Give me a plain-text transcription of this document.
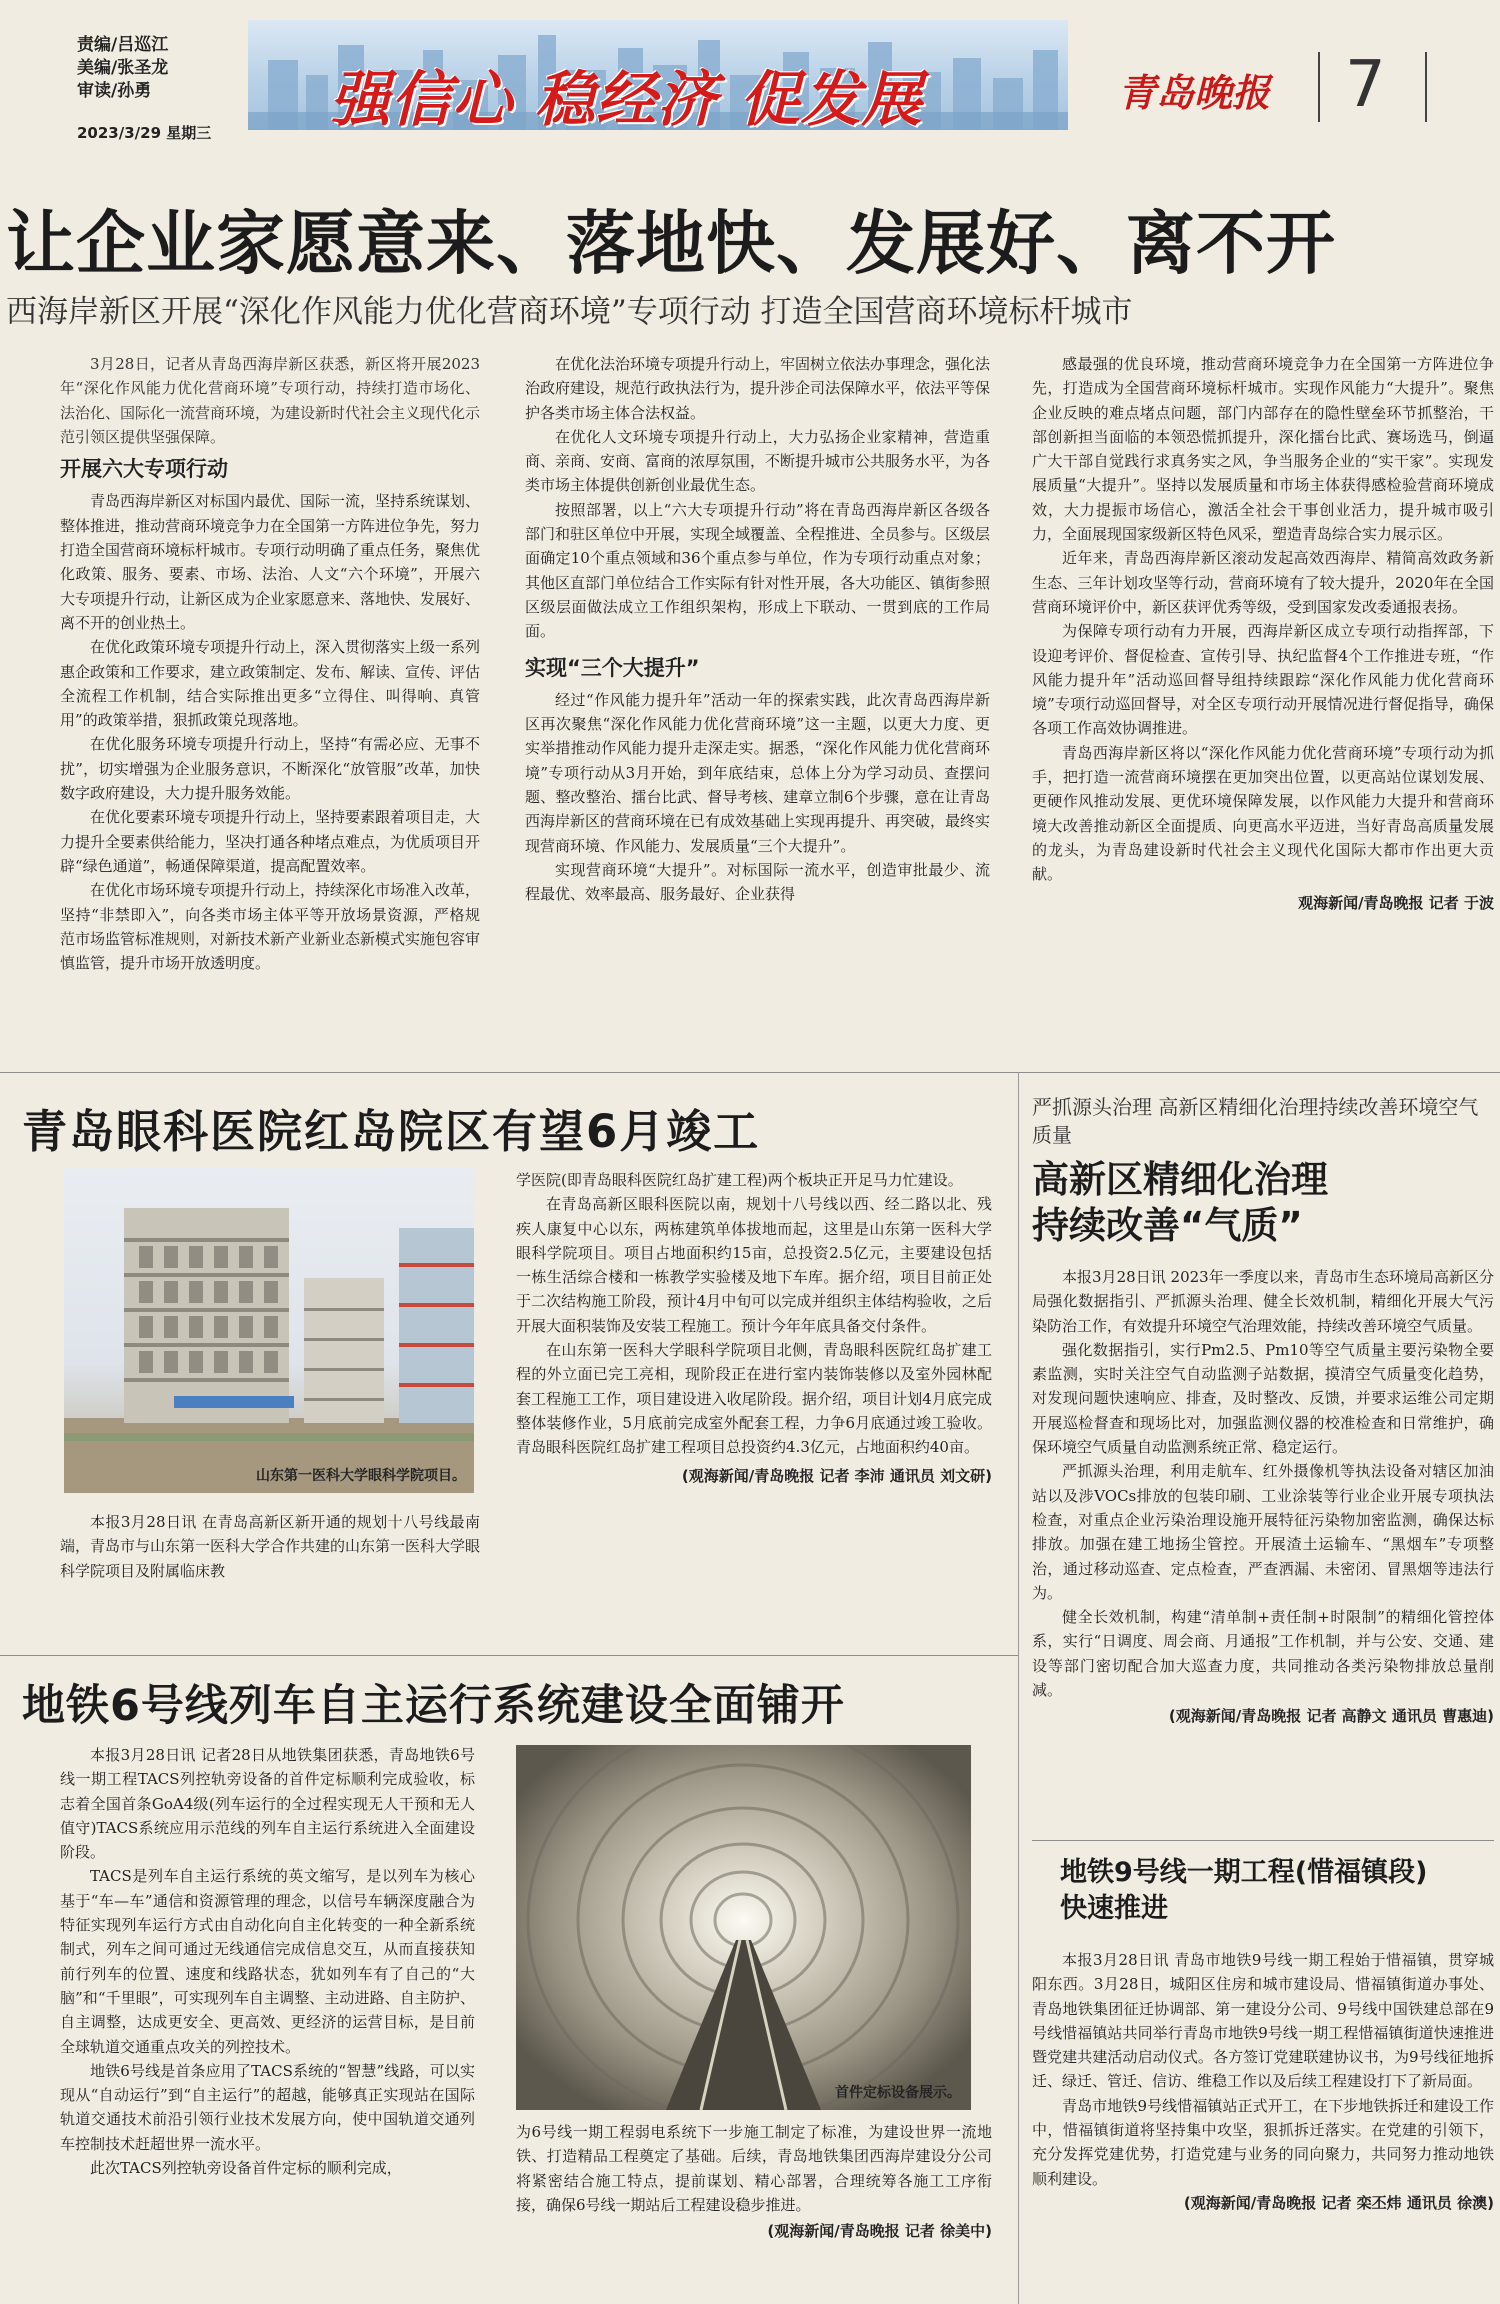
责编/吕巡江
美编/张圣龙
审读/孙勇
2023/3/29 星期三 强信心 稳经济 促发展	青岛晚报 7
让企业家愿意来、落地快、发展好、离不开
西海岸新区开展“深化作风能力优化营商环境”专项行动 打造全国营商环境标杆城市

3月28日，记者从青岛西海岸新区获悉，新区将开展2023年“深化作风能力优化营商环境”专项行动，持续打造市场化、法治化、国际化一流营商环境，为建设新时代社会主义现代化示范引领区提供坚强保障。

开展六大专项行动

青岛西海岸新区对标国内最优、国际一流，坚持系统谋划、整体推进，推动营商环境竞争力在全国第一方阵进位争先，努力打造全国营商环境标杆城市。专项行动明确了重点任务，聚焦优化政策、服务、要素、市场、法治、人文“六个环境”，开展六大专项提升行动，让新区成为企业家愿意来、落地快、发展好、离不开的创业热土。

在优化政策环境专项提升行动上，深入贯彻落实上级一系列惠企政策和工作要求，建立政策制定、发布、解读、宣传、评估全流程工作机制，结合实际推出更多“立得住、叫得响、真管用”的政策举措，狠抓政策兑现落地。

在优化服务环境专项提升行动上，坚持“有需必应、无事不扰”，切实增强为企业服务意识，不断深化“放管服”改革，加快数字政府建设，大力提升服务效能。

在优化要素环境专项提升行动上，坚持要素跟着项目走，大力提升全要素供给能力，坚决打通各种堵点难点，为优质项目开辟“绿色通道”，畅通保障渠道，提高配置效率。

在优化市场环境专项提升行动上，持续深化市场准入改革，坚持“非禁即入”，向各类市场主体平等开放场景资源，严格规范市场监管标准规则，对新技术新产业新业态新模式实施包容审慎监管，提升市场开放透明度。

在优化法治环境专项提升行动上，牢固树立依法办事理念，强化法治政府建设，规范行政执法行为，提升涉企司法保障水平，依法平等保护各类市场主体合法权益。

在优化人文环境专项提升行动上，大力弘扬企业家精神，营造重商、亲商、安商、富商的浓厚氛围，不断提升城市公共服务水平，为各类市场主体提供创新创业最优生态。

按照部署，以上“六大专项提升行动”将在青岛西海岸新区各级各部门和驻区单位中开展，实现全域覆盖、全程推进、全员参与。区级层面确定10个重点领域和36个重点参与单位，作为专项行动重点对象；其他区直部门单位结合工作实际有针对性开展，各大功能区、镇街参照区级层面做法成立工作组织架构，形成上下联动、一贯到底的工作局面。

实现“三个大提升”

经过“作风能力提升年”活动一年的探索实践，此次青岛西海岸新区再次聚焦“深化作风能力优化营商环境”这一主题，以更大力度、更实举措推动作风能力提升走深走实。据悉，“深化作风能力优化营商环境”专项行动从3月开始，到年底结束，总体上分为学习动员、查摆问题、整改整治、擂台比武、督导考核、建章立制6个步骤，意在让青岛西海岸新区的营商环境在已有成效基础上实现再提升、再突破，最终实现营商环境、作风能力、发展质量“三个大提升”。

实现营商环境“大提升”。对标国际一流水平，创造审批最少、流程最优、效率最高、服务最好、企业获得

感最强的优良环境，推动营商环境竞争力在全国第一方阵进位争先，打造成为全国营商环境标杆城市。实现作风能力“大提升”。聚焦企业反映的难点堵点问题，部门内部存在的隐性壁垒环节抓整治，干部创新担当面临的本领恐慌抓提升，深化擂台比武、赛场选马，倒逼广大干部自觉践行求真务实之风，争当服务企业的“实干家”。实现发展质量“大提升”。坚持以发展质量和市场主体获得感检验营商环境成效，大力提振市场信心，激活全社会干事创业活力，提升城市吸引力，全面展现国家级新区特色风采，塑造青岛综合实力展示区。

近年来，青岛西海岸新区滚动发起高效西海岸、精简高效政务新生态、三年计划攻坚等行动，营商环境有了较大提升，2020年在全国营商环境评价中，新区获评优秀等级，受到国家发改委通报表扬。

为保障专项行动有力开展，西海岸新区成立专项行动指挥部，下设迎考评价、督促检查、宣传引导、执纪监督4个工作推进专班，“作风能力提升年”活动巡回督导组持续跟踪“深化作风能力优化营商环境”专项行动巡回督导，对全区专项行动开展情况进行督促指导，确保各项工作高效协调推进。

青岛西海岸新区将以“深化作风能力优化营商环境”专项行动为抓手，把打造一流营商环境摆在更加突出位置，以更高站位谋划发展、更硬作风推动发展、更优环境保障发展，以作风能力大提升和营商环境大改善推动新区全面提质、向更高水平迈进，当好青岛高质量发展的龙头，为青岛建设新时代社会主义现代化国际大都市作出更大贡献。

观海新闻/青岛晚报 记者 于波
青岛眼科医院红岛院区有望6月竣工
山东第一医科大学眼科学院项目。

本报3月28日讯 在青岛高新区新开通的规划十八号线最南端，青岛市与山东第一医科大学合作共建的山东第一医科大学眼科学院项目及附属临床教

学医院(即青岛眼科医院红岛扩建工程)两个板块正开足马力忙建设。

在青岛高新区眼科医院以南，规划十八号线以西、经二路以北、残疾人康复中心以东，两栋建筑单体拔地而起，这里是山东第一医科大学眼科学院项目。项目占地面积约15亩，总投资2.5亿元，主要建设包括一栋生活综合楼和一栋教学实验楼及地下车库。据介绍，项目目前正处于二次结构施工阶段，预计4月中旬可以完成并组织主体结构验收，之后开展大面积装饰及安装工程施工。预计今年年底具备交付条件。

在山东第一医科大学眼科学院项目北侧，青岛眼科医院红岛扩建工程的外立面已完工亮相，现阶段正在进行室内装饰装修以及室外园林配套工程施工工作，项目建设进入收尾阶段。据介绍，项目计划4月底完成整体装修作业，5月底前完成室外配套工程，力争6月底通过竣工验收。青岛眼科医院红岛扩建工程项目总投资约4.3亿元，占地面积约40亩。

(观海新闻/青岛晚报 记者 李沛 通讯员 刘文研)
地铁6号线列车自主运行系统建设全面铺开

本报3月28日讯 记者28日从地铁集团获悉，青岛地铁6号线一期工程TACS列控轨旁设备的首件定标顺利完成验收，标志着全国首条GoA4级(列车运行的全过程实现无人干预和无人值守)TACS系统应用示范线的列车自主运行系统进入全面建设阶段。

TACS是列车自主运行系统的英文缩写，是以列车为核心基于“车—车”通信和资源管理的理念，以信号车辆深度融合为特征实现列车运行方式由自动化向自主化转变的一种全新系统制式，列车之间可通过无线通信完成信息交互，从而直接获知前行列车的位置、速度和线路状态，犹如列车有了自己的“大脑”和“千里眼”，可实现列车自主调整、主动进路、自主防护、自主调整，达成更安全、更高效、更经济的运营目标，是目前全球轨道交通重点攻关的列控技术。

地铁6号线是首条应用了TACS系统的“智慧”线路，可以实现从“自动运行”到“自主运行”的超越，能够真正实现站在国际轨道交通技术前沿引领行业技术发展方向，使中国轨道交通列车控制技术赶超世界一流水平。

此次TACS列控轨旁设备首件定标的顺利完成，

首件定标设备展示。

为6号线一期工程弱电系统下一步施工制定了标准，为建设世界一流地铁、打造精品工程奠定了基础。后续，青岛地铁集团西海岸建设分公司将紧密结合施工特点，提前谋划、精心部署，合理统筹各施工工序衔接，确保6号线一期站后工程建设稳步推进。

(观海新闻/青岛晚报 记者 徐美中)
严抓源头治理 高新区精细化治理持续改善环境空气质量
高新区精细化治理
持续改善“气质”

本报3月28日讯 2023年一季度以来，青岛市生态环境局高新区分局强化数据指引、严抓源头治理、健全长效机制，精细化开展大气污染防治工作，有效提升环境空气治理效能，持续改善环境空气质量。

强化数据指引，实行Pm2.5、Pm10等空气质量主要污染物全要素监测，实时关注空气自动监测子站数据，摸清空气质量变化趋势，对发现问题快速响应、排查，及时整改、反馈，并要求运维公司定期开展巡检督查和现场比对，加强监测仪器的校准检查和日常维护，确保环境空气质量自动监测系统正常、稳定运行。

严抓源头治理，利用走航车、红外摄像机等执法设备对辖区加油站以及涉VOCs排放的包装印刷、工业涂装等行业企业开展专项执法检查，对重点企业污染治理设施开展特征污染物加密监测，确保达标排放。加强在建工地扬尘管控。开展渣土运输车、“黑烟车”专项整治，通过移动巡查、定点检查，严查洒漏、未密闭、冒黑烟等违法行为。

健全长效机制，构建“清单制+责任制+时限制”的精细化管控体系，实行“日调度、周会商、月通报”工作机制，并与公安、交通、建设等部门密切配合加大巡查力度，共同推动各类污染物排放总量削减。

(观海新闻/青岛晚报 记者 高静文 通讯员 曹惠迪)
地铁9号线一期工程(惜福镇段)
快速推进

本报3月28日讯 青岛市地铁9号线一期工程始于惜福镇，贯穿城阳东西。3月28日，城阳区住房和城市建设局、惜福镇街道办事处、青岛地铁集团征迁协调部、第一建设分公司、9号线中国铁建总部在9号线惜福镇站共同举行青岛市地铁9号线一期工程惜福镇街道快速推进暨党建共建活动启动仪式。各方签订党建联建协议书，为9号线征地拆迁、绿迁、管迁、信访、维稳工作以及后续工程建设打下了新局面。

青岛市地铁9号线惜福镇站正式开工，在下步地铁拆迁和建设工作中，惜福镇街道将坚持集中攻坚，狠抓拆迁落实。在党建的引领下，充分发挥党建优势，打造党建与业务的同向聚力，共同努力推动地铁顺利建设。

(观海新闻/青岛晚报 记者 栾丕炜 通讯员 徐澳)
